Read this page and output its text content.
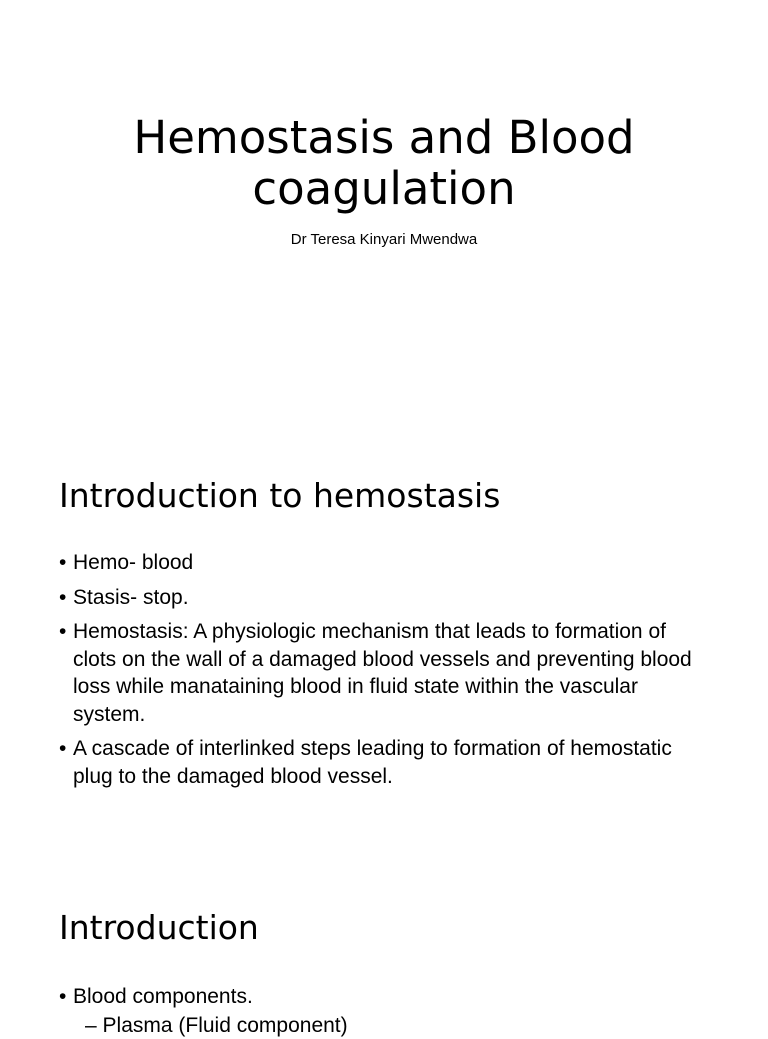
Hemostasis and Blood coagulation
Dr Teresa Kinyari Mwendwa
Introduction to hemostasis
• Hemo- blood
• Stasis- stop.
• Hemostasis: A physiologic mechanism that leads to formation of clots on the wall of a damaged blood vessels and preventing blood loss while manataining blood in fluid state within the vascular system.
• A cascade of interlinked steps leading to formation of hemostatic plug to the damaged blood vessel.
Introduction
• Blood components.
– Plasma (Fluid component)
